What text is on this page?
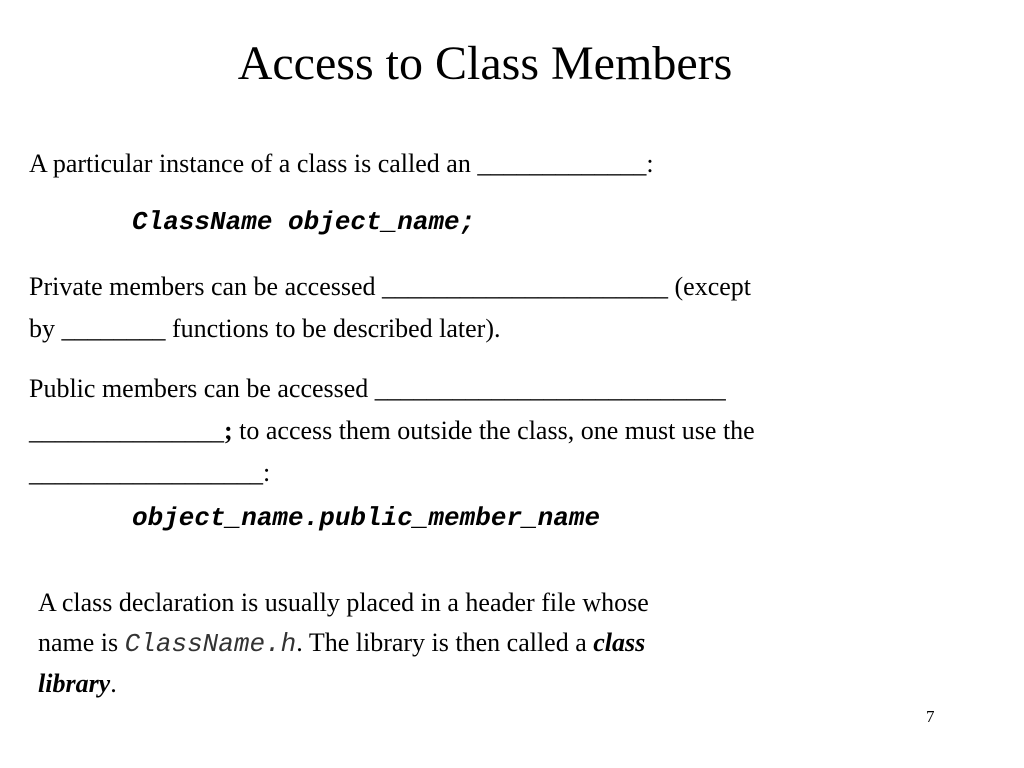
Access to Class Members
A particular instance of a class is called an _____________:
ClassName object_name;
Private members can be accessed ______________________ (except
by ________ functions to be described later).
Public members can be accessed ___________________________
_______________; to access them outside the class, one must use the
__________________:
object_name.public_member_name
A class declaration is usually placed in a header file whose
name is ClassName.h. The library is then called a class
library.
7
